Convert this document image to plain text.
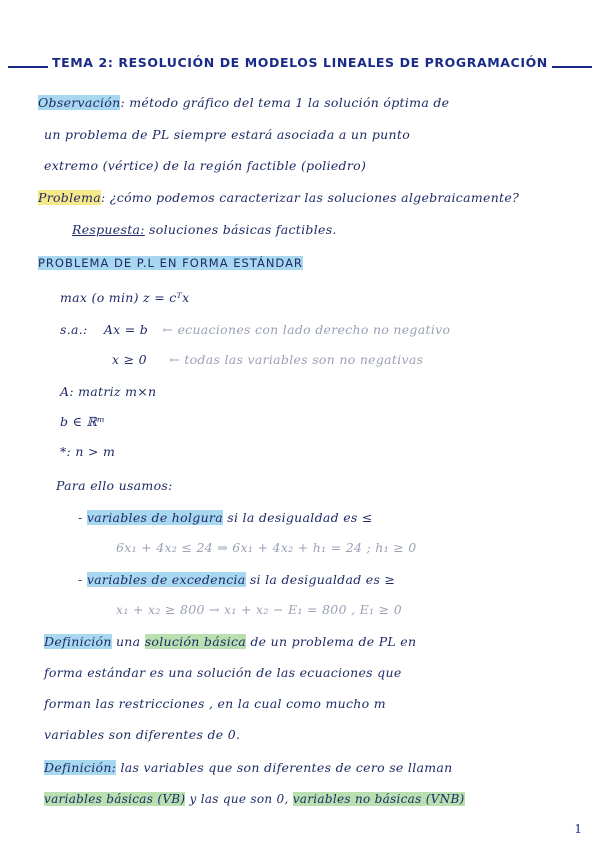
TEMA 2: RESOLUCIÓN DE MODELOS LINEALES DE PROGRAMACIÓN
Observación: método gráfico del tema 1 la solución óptima de
un problema de PL siempre estará asociada a un punto
extremo (vértice) de la región factible (poliedro)
Problema: ¿cómo podemos caracterizar las soluciones algebraicamente?
Respuesta: soluciones básicas factibles.
PROBLEMA DE P.L EN FORMA ESTÁNDAR
max (o min) z = cᵀx
s.a.: Ax = b ← ecuaciones con lado derecho no negativo
x ≥ 0 ← todas las variables son no negativas
A: matriz m×n
b ∈ ℝᵐ
*: n > m
Para ello usamos:
- variables de holgura si la desigualdad es ≤
6x₁ + 4x₂ ≤ 24 ⇒ 6x₁ + 4x₂ + h₁ = 24 ; h₁ ≥ 0
- variables de excedencia si la desigualdad es ≥
x₁ + x₂ ≥ 800 → x₁ + x₂ − E₁ = 800 , E₁ ≥ 0
Definición una solución básica de un problema de PL en
forma estándar es una solución de las ecuaciones que
forman las restricciones , en la cual como mucho m
variables son diferentes de 0.
Definición: las variables que son diferentes de cero se llaman
variables básicas (VB) y las que son 0, variables no básicas (VNB)
1
